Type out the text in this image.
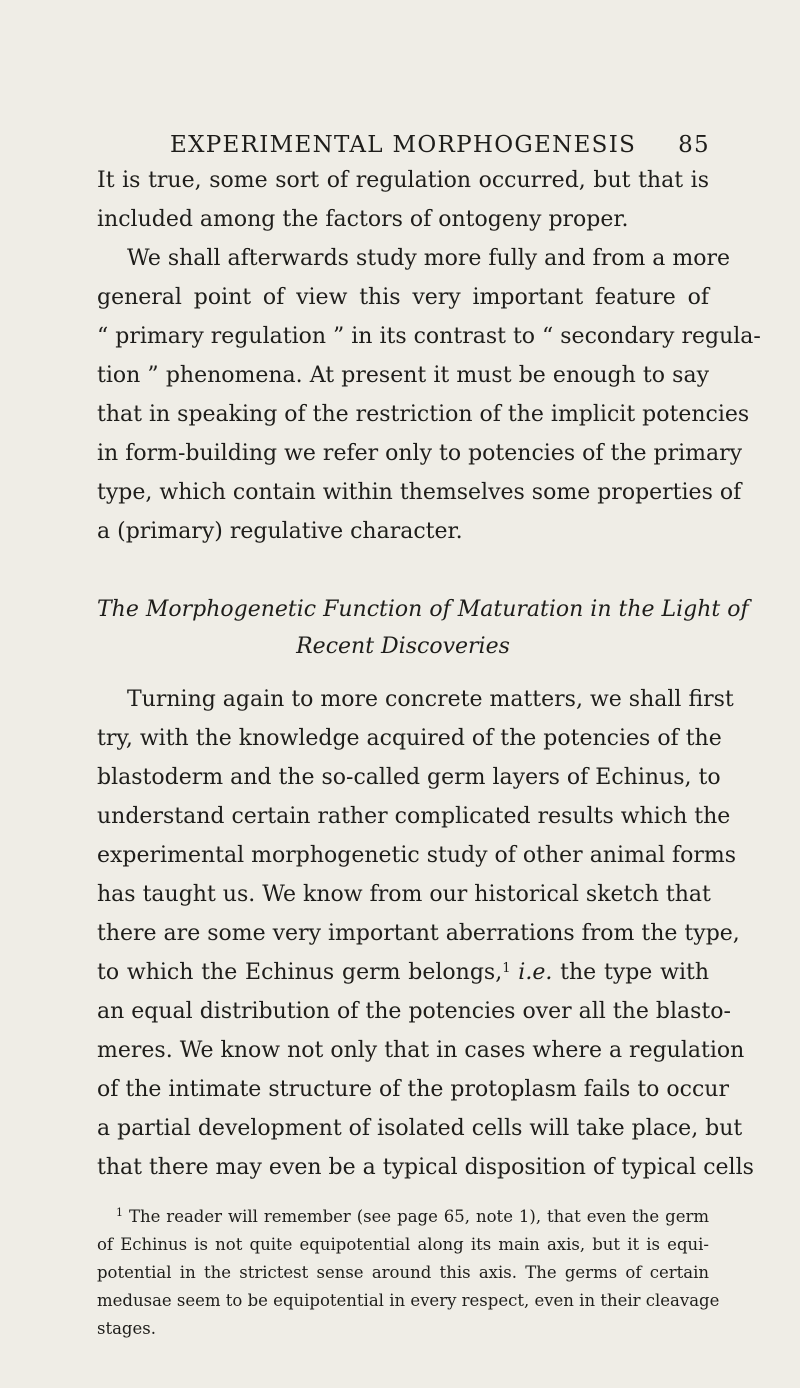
EXPERIMENTAL MORPHOGENESIS 85
It is true, some sort of regulation occurred, but that is
included among the factors of ontogeny proper.
We shall afterwards study more fully and from a more
general point of view this very important feature of
“ primary regulation ” in its contrast to “ secondary regula-
tion ” phenomena. At present it must be enough to say
that in speaking of the restriction of the implicit potencies
in form-building we refer only to potencies of the primary
type, which contain within themselves some properties of
a (primary) regulative character.
The Morphogenetic Function of Maturation in the Light of
Recent Discoveries
Turning again to more concrete matters, we shall first
try, with the knowledge acquired of the potencies of the
blastoderm and the so-called germ layers of Echinus, to
understand certain rather complicated results which the
experimental morphogenetic study of other animal forms
has taught us. We know from our historical sketch that
there are some very important aberrations from the type,
to which the Echinus germ belongs,$^1$ i.e. the type with
an equal distribution of the potencies over all the blasto-
meres. We know not only that in cases where a regulation
of the intimate structure of the protoplasm fails to occur
a partial development of isolated cells will take place, but
that there may even be a typical disposition of typical cells
$^1$ The reader will remember (see page 65, note 1), that even the germ
of Echinus is not quite equipotential along its main axis, but it is equi-
potential in the strictest sense around this axis. The germs of certain
medusae seem to be equipotential in every respect, even in their cleavage
stages.
